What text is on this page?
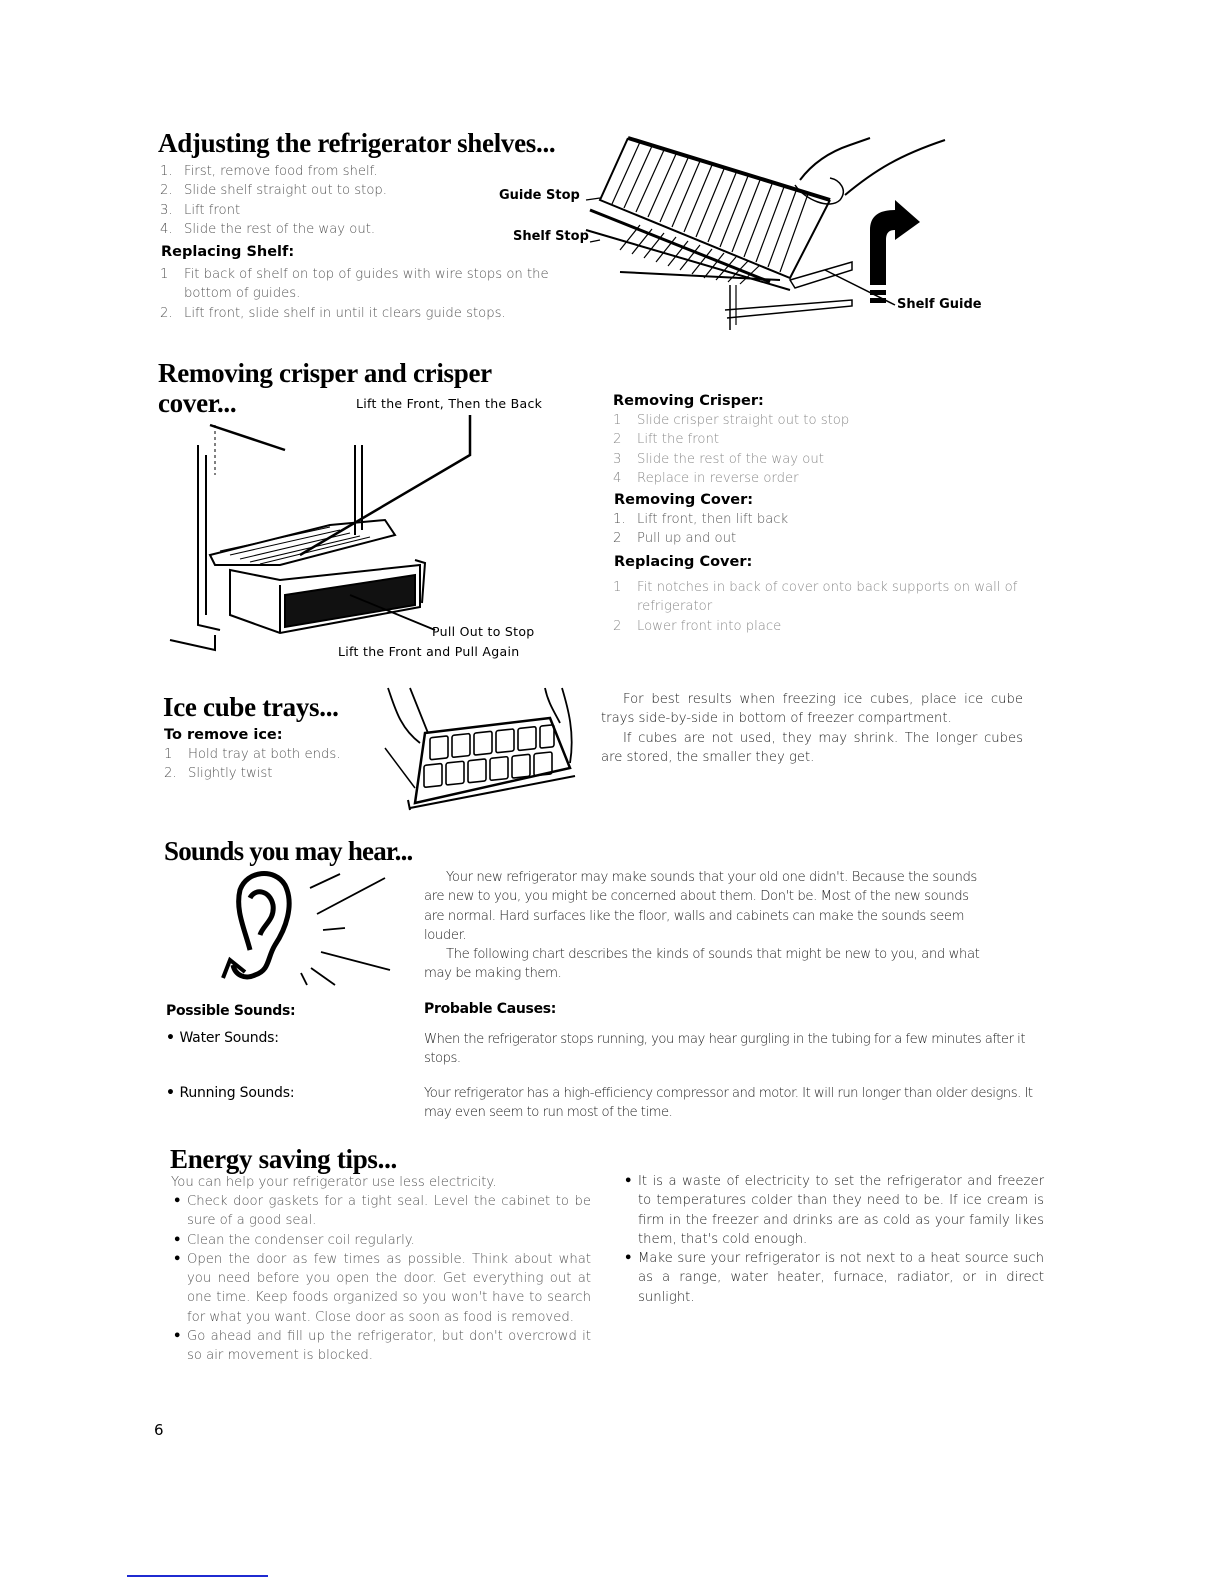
Adjusting the refrigerator shelves...
1. First, remove food from shelf.
2. Slide shelf straight out to stop.
3. Lift front
4. Slide the rest of the way out.
Replacing Shelf:
1 Fit back of shelf on top of guides with wire stops on the bottom of guides.
2. Lift front, slide shelf in until it clears guide stops.
Guide Stop
Shelf Stop
Shelf Guide
Removing crisper and crisper
cover...	Lift the Front, Then the Back
Pull Out to Stop
Lift the Front and Pull Again
Removing Crisper:
1 Slide crisper straight out to stop
2 Lift the front
3 Slide the rest of the way out
4 Replace in reverse order
Removing Cover:
1. Lift front, then lift back
2 Pull up and out
Replacing Cover:
1 Fit notches in back of cover onto back supports on wall of refrigerator
2 Lower front into place
Ice cube trays...
To remove ice:
1 Hold tray at both ends.
2. Slightly twist
For best results when freezing ice cubes, place ice cube trays side-by-side in bottom of freezer compartment.
If cubes are not used, they may shrink. The longer cubes are stored, the smaller they get.
Sounds you may hear...
Your new refrigerator may make sounds that your old one didn't. Because the sounds are new to you, you might be concerned about them. Don't be. Most of the new sounds are normal. Hard surfaces like the floor, walls and cabinets can make the sounds seem louder.
The following chart describes the kinds of sounds that might be new to you, and what may be making them.
Possible Sounds:	Probable Causes:
• Water Sounds:	When the refrigerator stops running, you may hear gurgling in the tubing for a few minutes after it stops.
• Running Sounds:	Your refrigerator has a high-efficiency compressor and motor. It will run longer than older designs. It may even seem to run most of the time.
Energy saving tips...
You can help your refrigerator use less electricity.
• Check door gaskets for a tight seal. Level the cabinet to be sure of a good seal.
• Clean the condenser coil regularly.
• Open the door as few times as possible. Think about what you need before you open the door. Get everything out at one time. Keep foods organized so you won't have to search for what you want. Close door as soon as food is removed.
• Go ahead and fill up the refrigerator, but don't overcrowd it so air movement is blocked.
• It is a waste of electricity to set the refrigerator and freezer to temperatures colder than they need to be. If ice cream is firm in the freezer and drinks are as cold as your family likes them, that's cold enough.
• Make sure your refrigerator is not next to a heat source such as a range, water heater, furnace, radiator, or in direct sunlight.
6
